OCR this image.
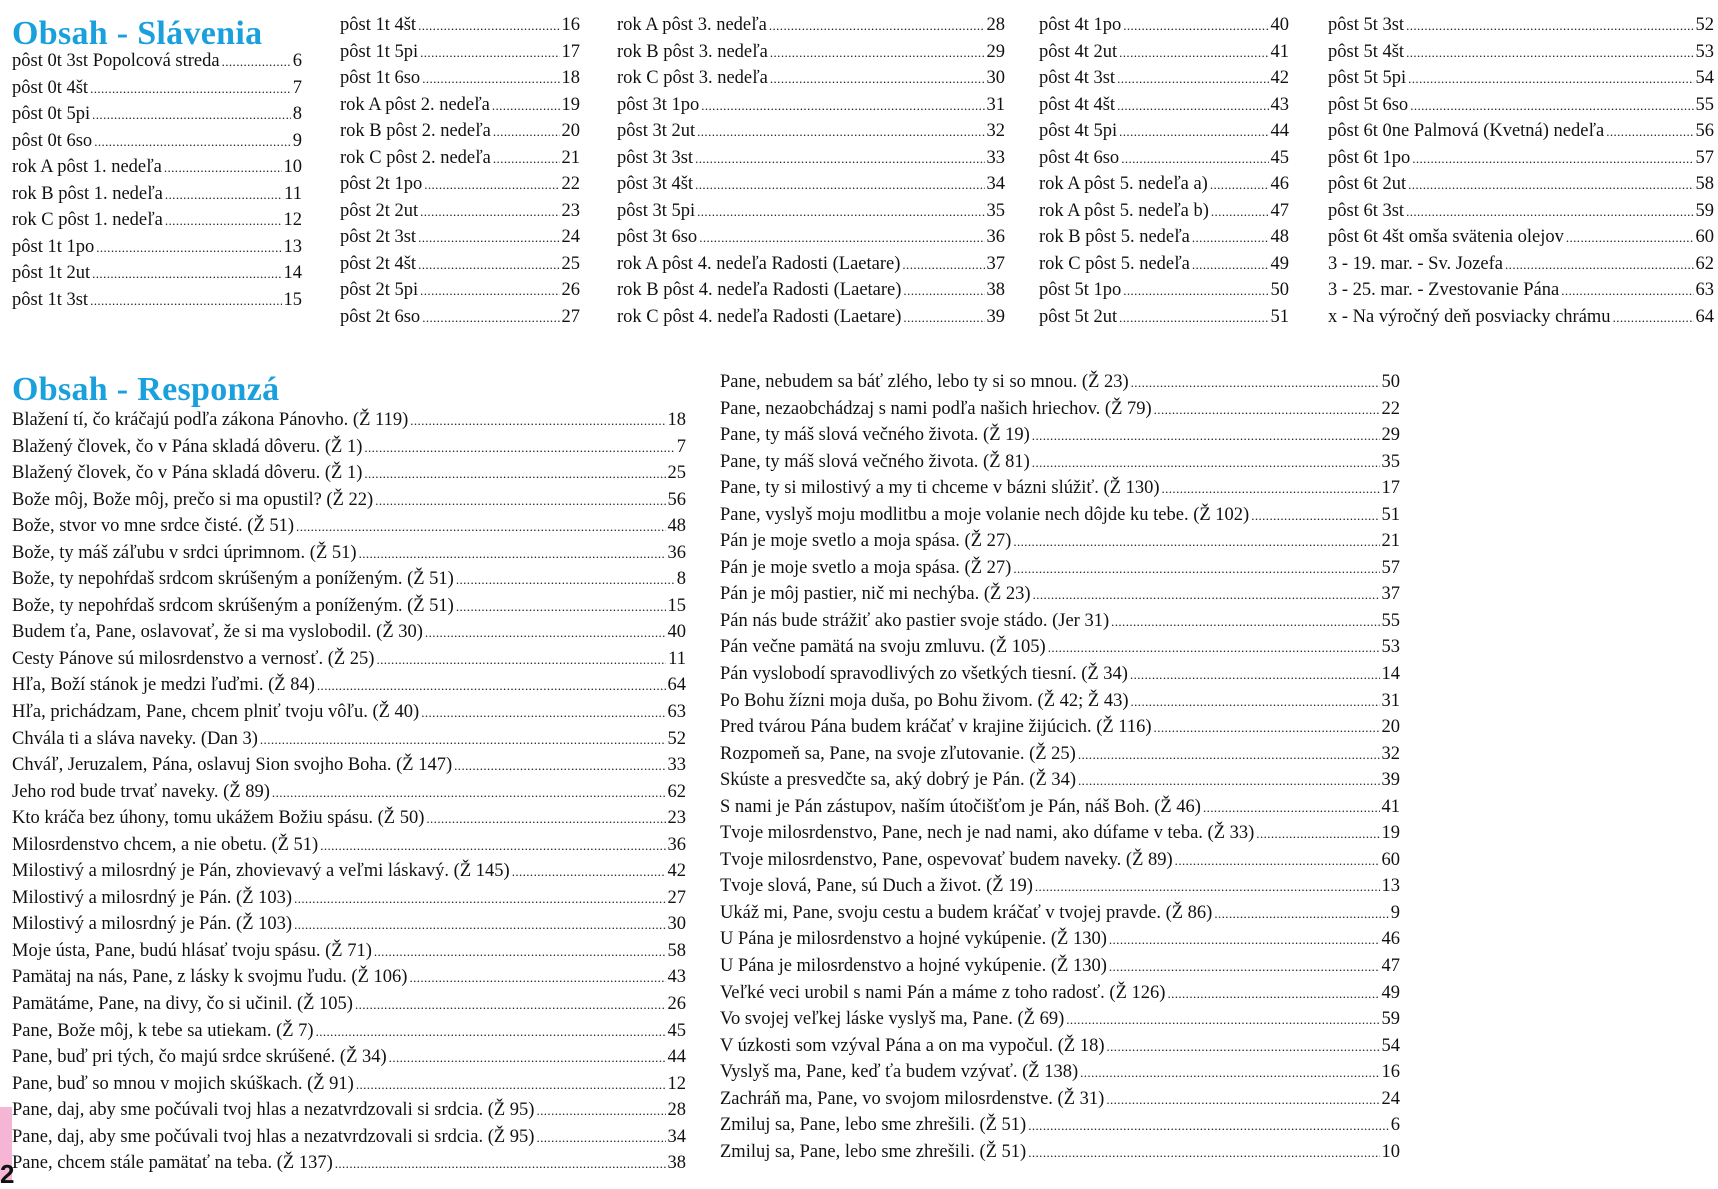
Obsah - Slávenia
pôst 0t 3st Popolcová streda .....	6
pôst 0t 4št .....	7
pôst 0t 5pi .....	8
pôst 0t 6so .....	9
rok A pôst 1. nedeľa .....	10
rok B pôst 1. nedeľa .....	11
rok C pôst 1. nedeľa .....	12
pôst 1t 1po .....	13
pôst 1t 2ut .....	14
pôst 1t 3st .....	15
pôst 1t 4št .....	16
pôst 1t 5pi .....	17
pôst 1t 6so .....	18
rok A pôst 2. nedeľa .....	19
rok B pôst 2. nedeľa .....	20
rok C pôst 2. nedeľa .....	21
pôst 2t 1po .....	22
pôst 2t 2ut .....	23
pôst 2t 3st .....	24
pôst 2t 4št .....	25
pôst 2t 5pi .....	26
pôst 2t 6so .....	27
rok A pôst 3. nedeľa .....	28
rok B pôst 3. nedeľa .....	29
rok C pôst 3. nedeľa .....	30
pôst 3t 1po .....	31
pôst 3t 2ut .....	32
pôst 3t 3st .....	33
pôst 3t 4št .....	34
pôst 3t 5pi .....	35
pôst 3t 6so .....	36
rok A pôst 4. nedeľa Radosti (Laetare) .....	37
rok B pôst 4. nedeľa Radosti (Laetare) .....	38
rok C pôst 4. nedeľa Radosti (Laetare) .....	39
pôst 4t 1po .....	40
pôst 4t 2ut .....	41
pôst 4t 3st .....	42
pôst 4t 4št .....	43
pôst 4t 5pi .....	44
pôst 4t 6so .....	45
rok A pôst 5. nedeľa a) .....	46
rok A pôst 5. nedeľa b) .....	47
rok B pôst 5. nedeľa .....	48
rok C pôst 5. nedeľa .....	49
pôst 5t 1po .....	50
pôst 5t 2ut .....	51
pôst 5t 3st .....	52
pôst 5t 4št .....	53
pôst 5t 5pi .....	54
pôst 5t 6so .....	55
pôst 6t 0ne Palmová (Kvetná) nedeľa .....	56
pôst 6t 1po .....	57
pôst 6t 2ut .....	58
pôst 6t 3st .....	59
pôst 6t 4št omša svätenia olejov .....	60
3 - 19. mar. - Sv. Jozefa .....	62
3 - 25. mar. - Zvestovanie Pána .....	63
x - Na výročný deň posviacky chrámu .....	64
Obsah - Responzá
Blažení tí, čo kráčajú podľa zákona Pánovho. (Ž 119) .....	18
Blažený človek, čo v Pána skladá dôveru. (Ž 1) .....	7
Blažený človek, čo v Pána skladá dôveru. (Ž 1) .....	25
Bože môj, Bože môj, prečo si ma opustil? (Ž 22) .....	56
Bože, stvor vo mne srdce čisté. (Ž 51) .....	48
Bože, ty máš záľubu v srdci úprimnom. (Ž 51) .....	36
Bože, ty nepohŕdaš srdcom skrúšeným a poníženým. (Ž 51) .....	8
Bože, ty nepohŕdaš srdcom skrúšeným a poníženým. (Ž 51) .....	15
Budem ťa, Pane, oslavovať, že si ma vyslobodil. (Ž 30) .....	40
Cesty Pánove sú milosrdenstvo a vernosť. (Ž 25) .....	11
Hľa, Boží stánok je medzi ľuďmi. (Ž 84) .....	64
Hľa, prichádzam, Pane, chcem plniť tvoju vôľu. (Ž 40) .....	63
Chvála ti a sláva naveky. (Dan 3) .....	52
Chváľ, Jeruzalem, Pána, oslavuj Sion svojho Boha. (Ž 147) .....	33
Jeho rod bude trvať naveky. (Ž 89) .....	62
Kto kráča bez úhony, tomu ukážem Božiu spásu. (Ž 50) .....	23
Milosrdenstvo chcem, a nie obetu. (Ž 51) .....	36
Milostivý a milosrdný je Pán, zhovievavý a veľmi láskavý. (Ž 145) .....	42
Milostivý a milosrdný je Pán. (Ž 103) .....	27
Milostivý a milosrdný je Pán. (Ž 103) .....	30
Moje ústa, Pane, budú hlásať tvoju spásu. (Ž 71) .....	58
Pamätaj na nás, Pane, z lásky k svojmu ľudu. (Ž 106) .....	43
Pamätáme, Pane, na divy, čo si učinil. (Ž 105) .....	26
Pane, Bože môj, k tebe sa utiekam. (Ž 7) .....	45
Pane, buď pri tých, čo majú srdce skrúšené. (Ž 34) .....	44
Pane, buď so mnou v mojich skúškach. (Ž 91) .....	12
Pane, daj, aby sme počúvali tvoj hlas a nezatvrdzovali si srdcia. (Ž 95) .....	28
Pane, daj, aby sme počúvali tvoj hlas a nezatvrdzovali si srdcia. (Ž 95) .....	34
Pane, chcem stále pamätať na teba. (Ž 137) .....	38
Pane, nebudem sa báť zlého, lebo ty si so mnou. (Ž 23) .....	50
Pane, nezaobchádzaj s nami podľa našich hriechov. (Ž 79) .....	22
Pane, ty máš slová večného života. (Ž 19) .....	29
Pane, ty máš slová večného života. (Ž 81) .....	35
Pane, ty si milostivý a my ti chceme v bázni slúžiť. (Ž 130) .....	17
Pane, vyslyš moju modlitbu a moje volanie nech dôjde ku tebe. (Ž 102) .....	51
Pán je moje svetlo a moja spása. (Ž 27) .....	21
Pán je moje svetlo a moja spása. (Ž 27) .....	57
Pán je môj pastier, nič mi nechýba. (Ž 23) .....	37
Pán nás bude strážiť ako pastier svoje stádo. (Jer 31) .....	55
Pán večne pamätá na svoju zmluvu. (Ž 105) .....	53
Pán vyslobodí spravodlivých zo všetkých tiesní. (Ž 34) .....	14
Po Bohu žízni moja duša, po Bohu živom. (Ž 42; Ž 43) .....	31
Pred tvárou Pána budem kráčať v krajine žijúcich. (Ž 116) .....	20
Rozpomeň sa, Pane, na svoje zľutovanie. (Ž 25) .....	32
Skúste a presvedčte sa, aký dobrý je Pán. (Ž 34) .....	39
S nami je Pán zástupov, naším útočišťom je Pán, náš Boh. (Ž 46) .....	41
Tvoje milosrdenstvo, Pane, nech je nad nami, ako dúfame v teba. (Ž 33) .....	19
Tvoje milosrdenstvo, Pane, ospevovať budem naveky. (Ž 89) .....	60
Tvoje slová, Pane, sú Duch a život. (Ž 19) .....	13
Ukáž mi, Pane, svoju cestu a budem kráčať v tvojej pravde. (Ž 86) .....	9
U Pána je milosrdenstvo a hojné vykúpenie. (Ž 130) .....	46
U Pána je milosrdenstvo a hojné vykúpenie. (Ž 130) .....	47
Veľké veci urobil s nami Pán a máme z toho radosť. (Ž 126) .....	49
Vo svojej veľkej láske vyslyš ma, Pane. (Ž 69) .....	59
V úzkosti som vzýval Pána a on ma vypočul. (Ž 18) .....	54
Vyslyš ma, Pane, keď ťa budem vzývať. (Ž 138) .....	16
Zachráň ma, Pane, vo svojom milosrdenstve. (Ž 31) .....	24
Zmiluj sa, Pane, lebo sme zhrešili. (Ž 51) .....	6
Zmiluj sa, Pane, lebo sme zhrešili. (Ž 51) .....	10
2
